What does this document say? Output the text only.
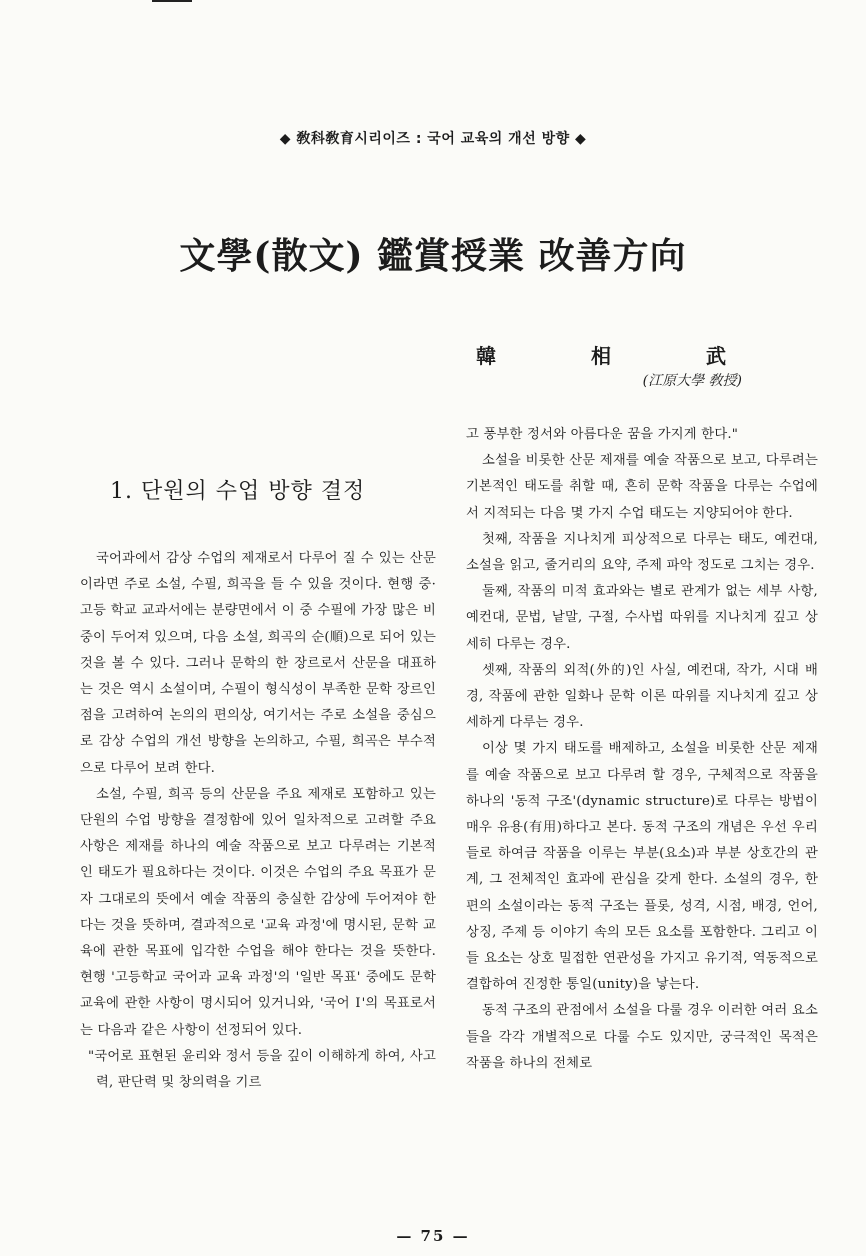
◆ 敎科敎育시리이즈 : 국어 교육의 개선 방향 ◆
文學(散文) 鑑賞授業 改善方向
韓 相 武
(江原大學 敎授)
1. 단원의 수업 방향 결정

국어과에서 감상 수업의 제재로서 다루어 질 수 있는 산문이라면 주로 소설, 수필, 희곡을 들 수 있을 것이다. 현행 중·고등 학교 교과서에는 분량면에서 이 중 수필에 가장 많은 비중이 두어져 있으며, 다음 소설, 희곡의 순(順)으로 되어 있는 것을 볼 수 있다. 그러나 문학의 한 장르로서 산문을 대표하는 것은 역시 소설이며, 수필이 형식성이 부족한 문학 장르인 점을 고려하여 논의의 편의상, 여기서는 주로 소설을 중심으로 감상 수업의 개선 방향을 논의하고, 수필, 희곡은 부수적으로 다루어 보려 한다.

소설, 수필, 희곡 등의 산문을 주요 제재로 포함하고 있는 단원의 수업 방향을 결정함에 있어 일차적으로 고려할 주요 사항은 제재를 하나의 예술 작품으로 보고 다루려는 기본적인 태도가 필요하다는 것이다. 이것은 수업의 주요 목표가 문자 그대로의 뜻에서 예술 작품의 충실한 감상에 두어져야 한다는 것을 뜻하며, 결과적으로 '교육 과정'에 명시된, 문학 교육에 관한 목표에 입각한 수업을 해야 한다는 것을 뜻한다. 현행 '고등학교 국어과 교육 과정'의 '일반 목표' 중에도 문학 교육에 관한 사항이 명시되어 있거니와, '국어 Ⅰ'의 목표로서는 다음과 같은 사항이 선정되어 있다.

"국어로 표현된 윤리와 정서 등을 깊이 이해하게 하여, 사고력, 판단력 및 창의력을 기르

고 풍부한 정서와 아름다운 꿈을 가지게 한다."

소설을 비롯한 산문 제재를 예술 작품으로 보고, 다루려는 기본적인 태도를 취할 때, 흔히 문학 작품을 다루는 수업에서 지적되는 다음 몇 가지 수업 태도는 지양되어야 한다.

첫째, 작품을 지나치게 피상적으로 다루는 태도, 예컨대, 소설을 읽고, 줄거리의 요약, 주제 파악 정도로 그치는 경우.

둘째, 작품의 미적 효과와는 별로 관계가 없는 세부 사항, 예컨대, 문법, 낱말, 구절, 수사법 따위를 지나치게 깊고 상세히 다루는 경우.

셋째, 작품의 외적(外的)인 사실, 예컨대, 작가, 시대 배경, 작품에 관한 일화나 문학 이론 따위를 지나치게 깊고 상세하게 다루는 경우.

이상 몇 가지 태도를 배제하고, 소설을 비롯한 산문 제재를 예술 작품으로 보고 다루려 할 경우, 구체적으로 작품을 하나의 '동적 구조'(dynamic structure)로 다루는 방법이 매우 유용(有用)하다고 본다. 동적 구조의 개념은 우선 우리들로 하여금 작품을 이루는 부분(요소)과 부분 상호간의 관계, 그 전체적인 효과에 관심을 갖게 한다. 소설의 경우, 한편의 소설이라는 동적 구조는 플롯, 성격, 시점, 배경, 언어, 상징, 주제 등 이야기 속의 모든 요소를 포함한다. 그리고 이들 요소는 상호 밀접한 연관성을 가지고 유기적, 역동적으로 결합하여 진정한 통일(unity)을 낳는다.

동적 구조의 관점에서 소설을 다룰 경우 이러한 여러 요소들을 각각 개별적으로 다룰 수도 있지만, 궁극적인 목적은 작품을 하나의 전체로

— 75 —
